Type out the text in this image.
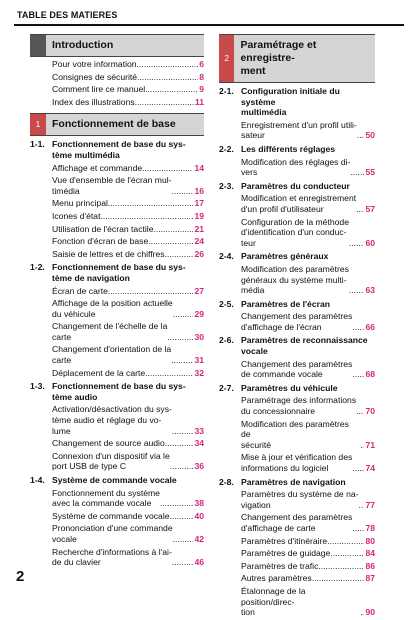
TABLE DES MATIERES
Introduction
Pour votre information .....	6
Consignes de sécurité .....	8
Comment lire ce manuel .....	9
Index des illustrations .....	11
1	Fonctionnement de base
1-1. Fonctionnement de base du sys-
tème multimédia
Affichage et commande .....	14
Vue d'ensemble de l'écran mul-
timédia .....	16
Menu principal .....	17
Icones d'état .....	19
Utilisation de l'écran tactile .....	21
Fonction d'écran de base .....	24
Saisie de lettres et de chiffres .....	26
1-2. Fonctionnement de base du sys-
tème de navigation
Écran de carte .....	27
Affichage de la position actuelle
du véhicule .....	29
Changement de l'échelle de la
carte .....	30
Changement d'orientation de la
carte .....	31
Déplacement de la carte .....	32
1-3. Fonctionnement de base du sys-
tème audio
Activation/désactivation du sys-
tème audio et réglage du vo-
lume .....	33
Changement de source audio .....	34
Connexion d'un dispositif via le
port USB de type C .....	36
1-4. Système de commande vocale
Fonctionnement du système
avec la commande vocale .....	38
Système de commande vocale .....	40
Prononciation d'une commande
vocale .....	42
Recherche d'informations à l'ai-
de du clavier .....	46
2
Paramétrage et enregistre-
ment
2-1. Configuration initiale du système
multimédia
Enregistrement d'un profil utili-
sateur .....	50
2-2. Les différents réglages
Modification des réglages di-
vers .....	55
2-3. Paramètres du conducteur
Modification et enregistrement
d'un profil d'utilisateur .....	57
Configuration de la méthode
d'identification d'un conduc-
teur .....	60
2-4. Paramètres généraux
Modification des paramètres
généraux du système multi-
média .....	63
2-5. Paramètres de l'écran
Changement des paramètres
d'affichage de l'écran .....	66
2-6. Paramètres de reconnaissance
vocale
Changement des paramètres
de commande vocale .....	68
2-7. Paramètres du véhicule
Paramétrage des informations
du concessionnaire .....	70
Modification des paramètres de
sécurité .....	71
Mise à jour et vérification des
informations du logiciel .....	74
2-8. Paramètres de navigation
Paramètres du système de na-
vigation .....	77
Changement des paramètres
d'affichage de carte .....	78
Paramètres d'itinéraire .....	80
Paramètres de guidage .....	84
Paramètres de trafic .....	86
Autres paramètres .....	87
Étalonnage de la position/direc-
tion .....	90
2
